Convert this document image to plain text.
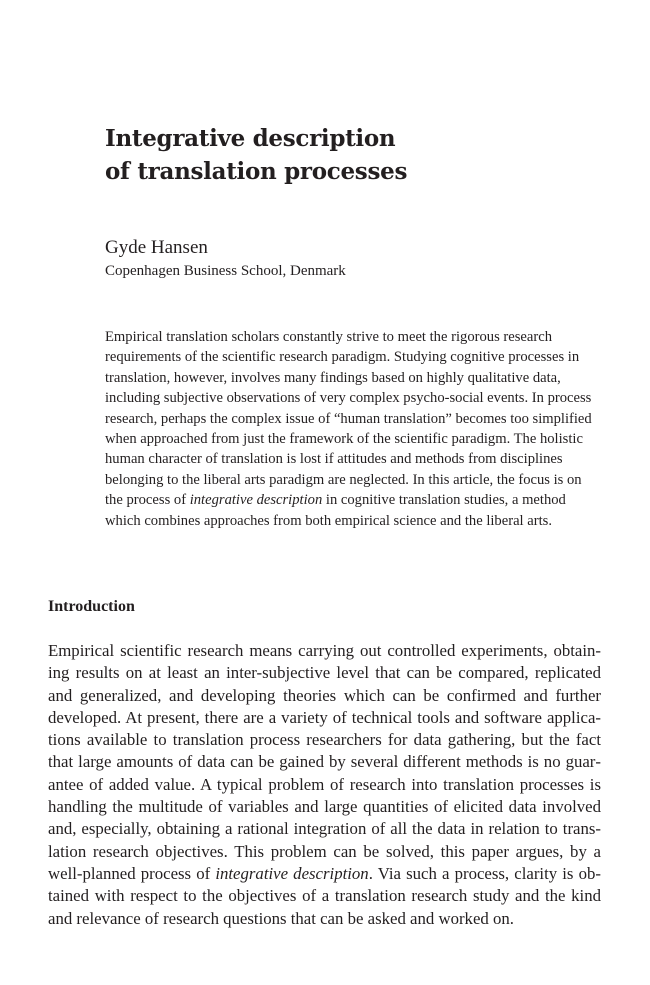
Integrative description
of translation processes
Gyde Hansen
Copenhagen Business School, Denmark

Empirical translation scholars constantly strive to meet the rigorous research requirements of the scientific research paradigm. Studying cognitive processes in translation, however, involves many findings based on highly qualitative data, including subjective observations of very complex psycho-social events. In process research, perhaps the complex issue of “human translation” becomes too simplified when approached from just the framework of the scientific paradigm. The holistic human character of translation is lost if attitudes and methods from disciplines belonging to the liberal arts paradigm are neglected. In this article, the focus is on the process of integrative description in cognitive translation studies, a method which combines approaches from both empirical science and the liberal arts.

Introduction

Empirical scientific research means carrying out controlled experiments, obtaining results on at least an inter-subjective level that can be compared, replicated and generalized, and developing theories which can be confirmed and further developed. At present, there are a variety of technical tools and software applications available to translation process researchers for data gathering, but the fact that large amounts of data can be gained by several different methods is no guarantee of added value. A typical problem of research into translation processes is handling the multitude of variables and large quantities of elicited data involved and, especially, obtaining a rational integration of all the data in relation to translation research objectives. This problem can be solved, this paper argues, by a well-planned process of integrative description. Via such a process, clarity is obtained with respect to the objectives of a translation research study and the kind and relevance of research questions that can be asked and worked on.
